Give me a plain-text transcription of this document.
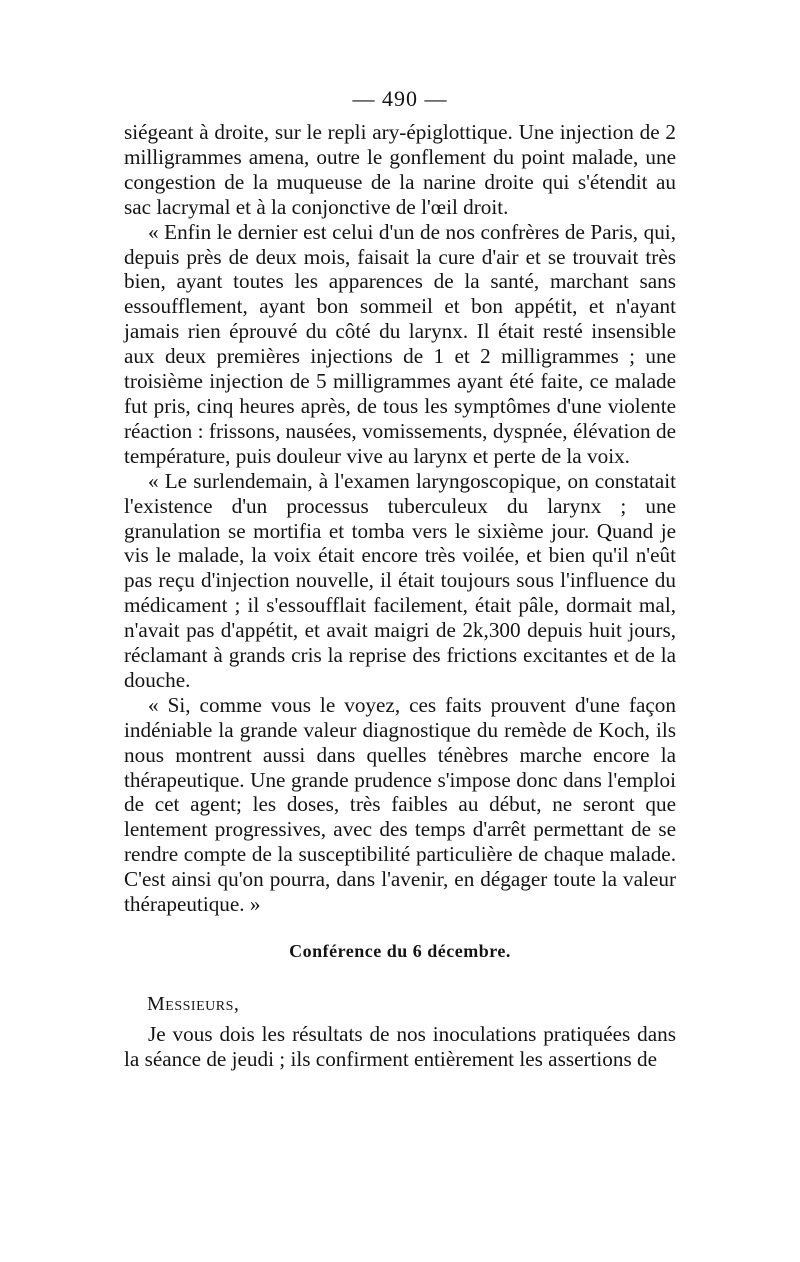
— 490 —

siégeant à droite, sur le repli ary-épiglottique. Une injection de 2 milligrammes amena, outre le gonflement du point malade, une congestion de la muqueuse de la narine droite qui s'étendit au sac lacrymal et à la conjonctive de l'œil droit.

« Enfin le dernier est celui d'un de nos confrères de Paris, qui, depuis près de deux mois, faisait la cure d'air et se trouvait très bien, ayant toutes les apparences de la santé, marchant sans essoufflement, ayant bon sommeil et bon appétit, et n'ayant jamais rien éprouvé du côté du larynx. Il était resté insensible aux deux premières injections de 1 et 2 milligrammes ; une troisième injection de 5 milligrammes ayant été faite, ce malade fut pris, cinq heures après, de tous les symptômes d'une violente réaction : frissons, nausées, vomissements, dyspnée, élévation de température, puis douleur vive au larynx et perte de la voix.

« Le surlendemain, à l'examen laryngoscopique, on constatait l'existence d'un processus tuberculeux du larynx ; une granulation se mortifia et tomba vers le sixième jour. Quand je vis le malade, la voix était encore très voilée, et bien qu'il n'eût pas reçu d'injection nouvelle, il était toujours sous l'influence du médicament ; il s'essoufflait facilement, était pâle, dormait mal, n'avait pas d'appétit, et avait maigri de 2k,300 depuis huit jours, réclamant à grands cris la reprise des frictions excitantes et de la douche.

« Si, comme vous le voyez, ces faits prouvent d'une façon indéniable la grande valeur diagnostique du remède de Koch, ils nous montrent aussi dans quelles ténèbres marche encore la thérapeutique. Une grande prudence s'impose donc dans l'emploi de cet agent; les doses, très faibles au début, ne seront que lentement progressives, avec des temps d'arrêt permettant de se rendre compte de la susceptibilité particulière de chaque malade. C'est ainsi qu'on pourra, dans l'avenir, en dégager toute la valeur thérapeutique. »

Conférence du 6 décembre.
Messieurs,

Je vous dois les résultats de nos inoculations pratiquées dans la séance de jeudi ; ils confirment entièrement les assertions de
